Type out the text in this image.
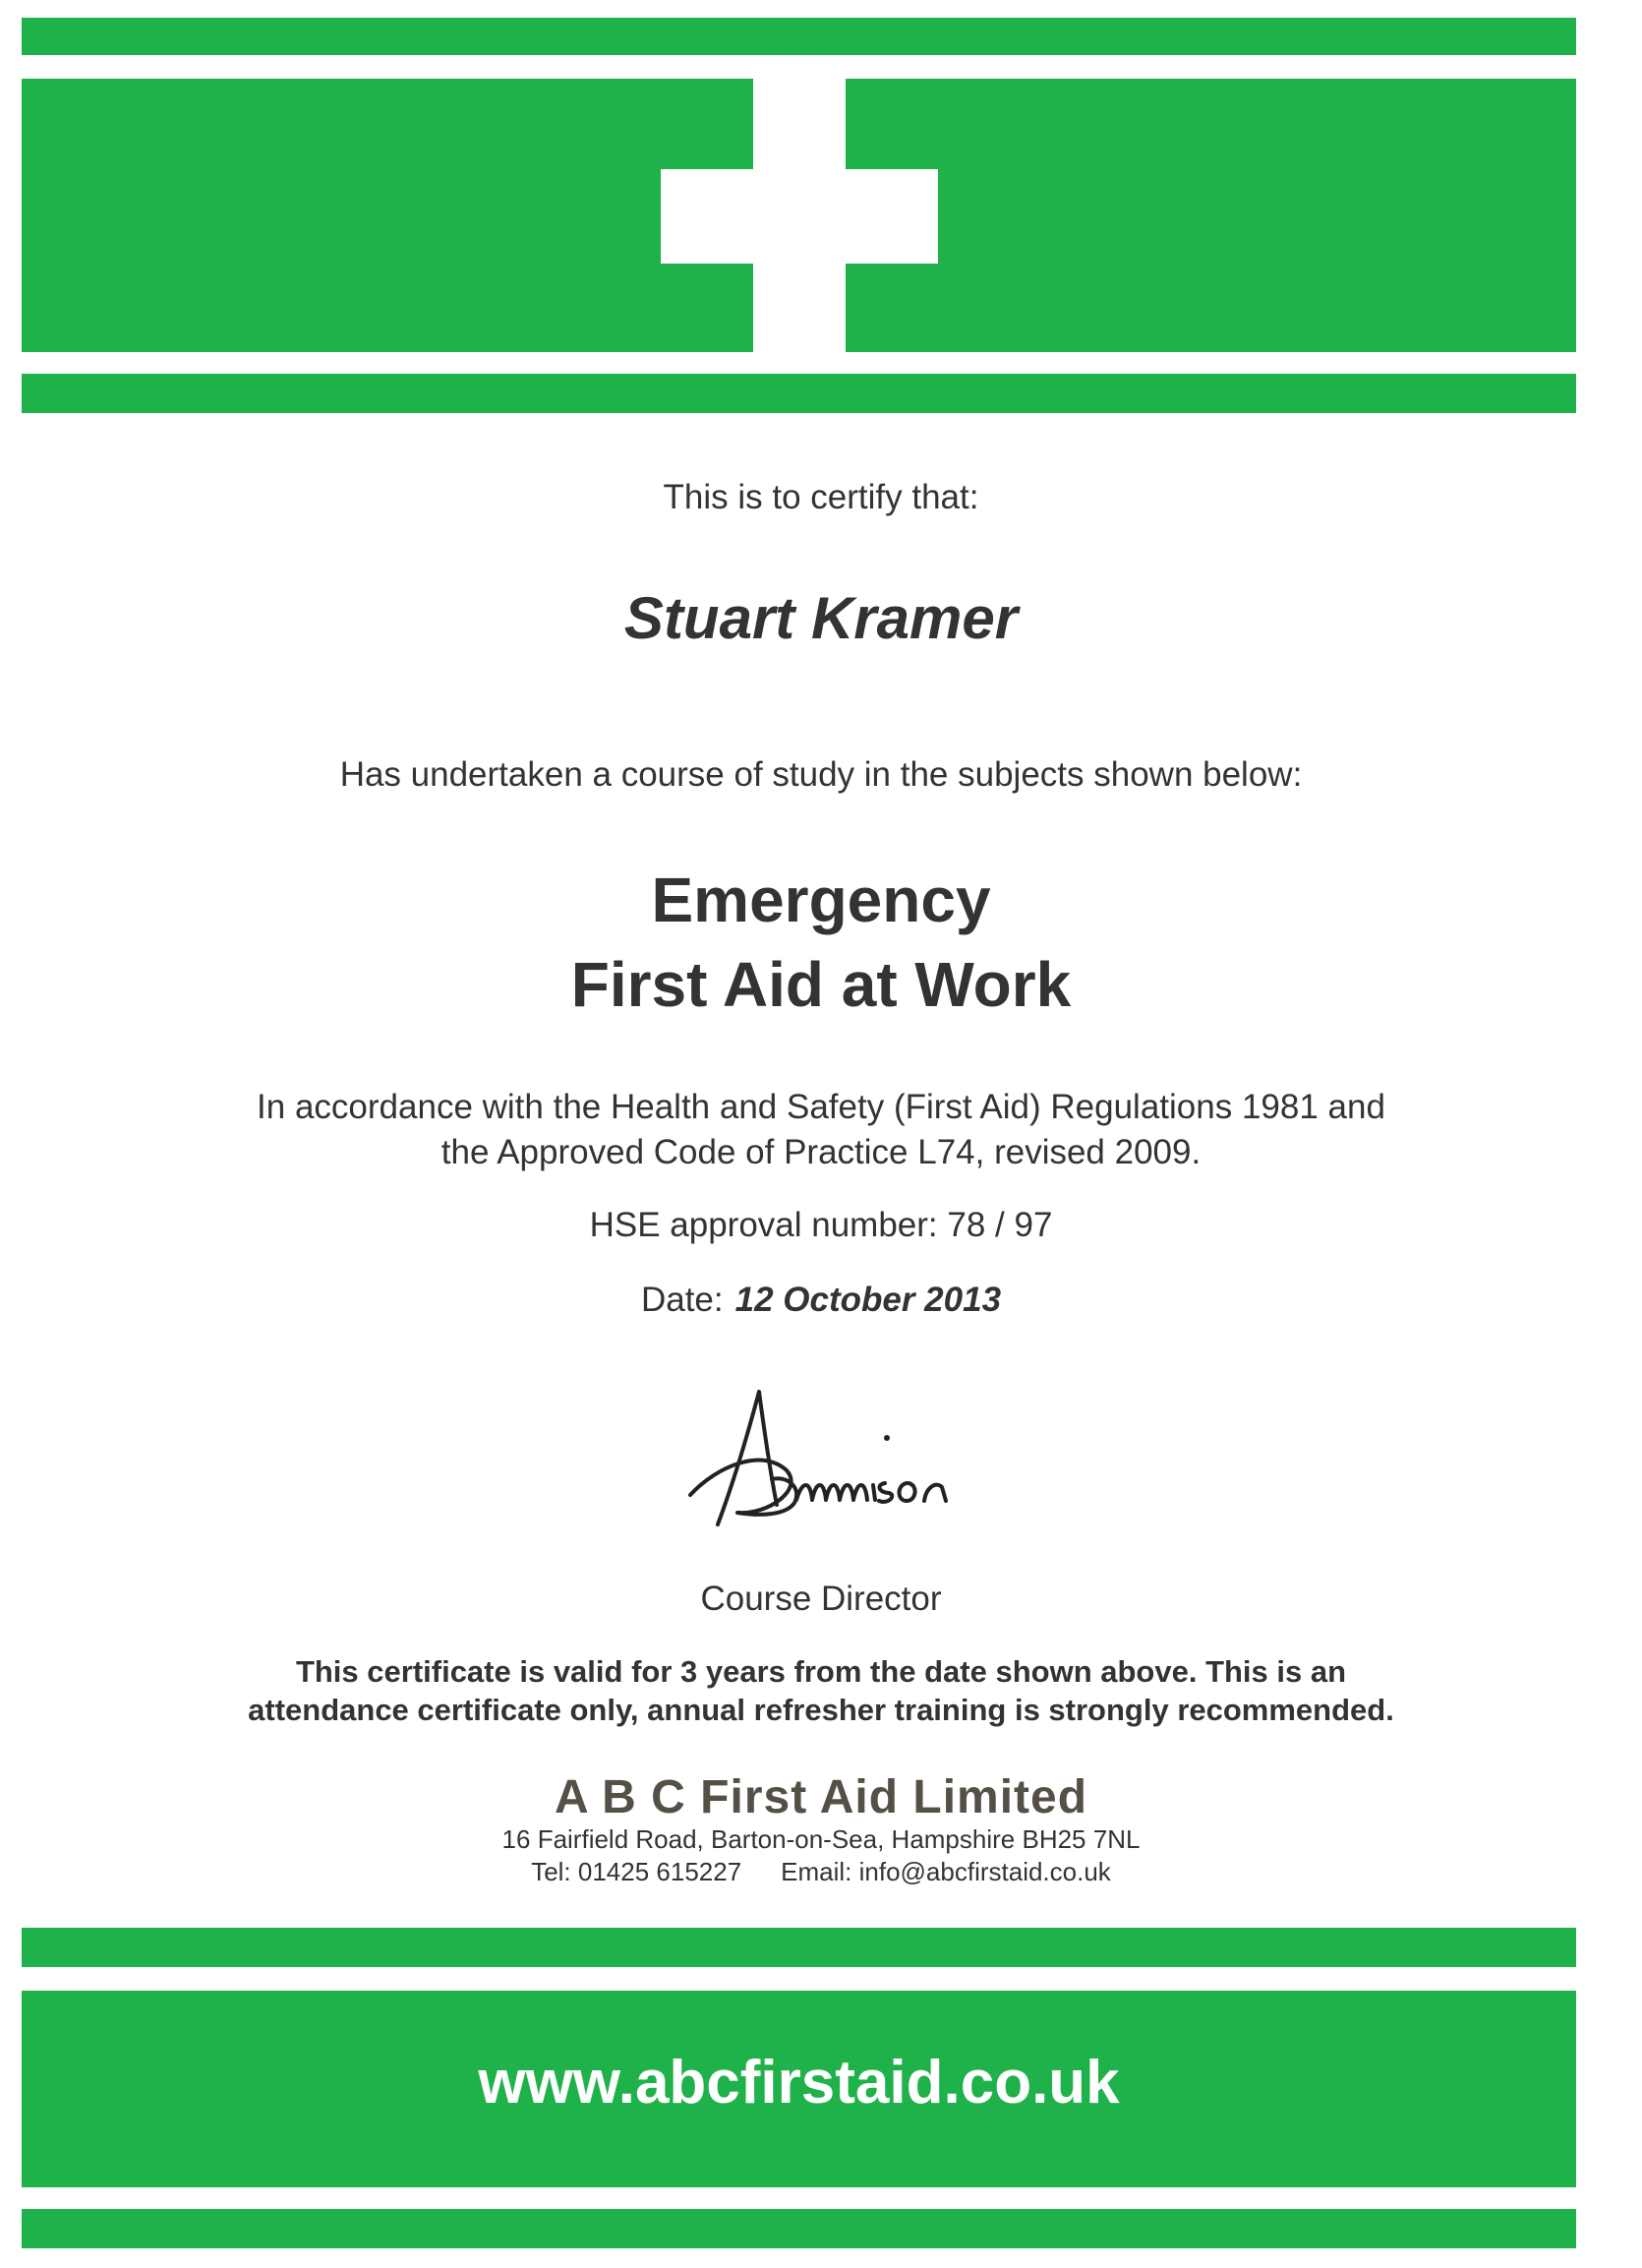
This is to certify that:
Stuart Kramer
Has undertaken a course of study in the subjects shown below:
Emergency
First Aid at Work
In accordance with the Health and Safety (First Aid) Regulations 1981 and
the Approved Code of Practice L74, revised 2009.
HSE approval number: 78 / 97
Date: 12 October 2013
Course Director
This certificate is valid for 3 years from the date shown above. This is an
attendance certificate only, annual refresher training is strongly recommended.
A B C First Aid Limited
16 Fairfield Road, Barton-on-Sea, Hampshire BH25 7NL
Tel: 01425 615227 Email: info@abcfirstaid.co.uk
www.abcfirstaid.co.uk
